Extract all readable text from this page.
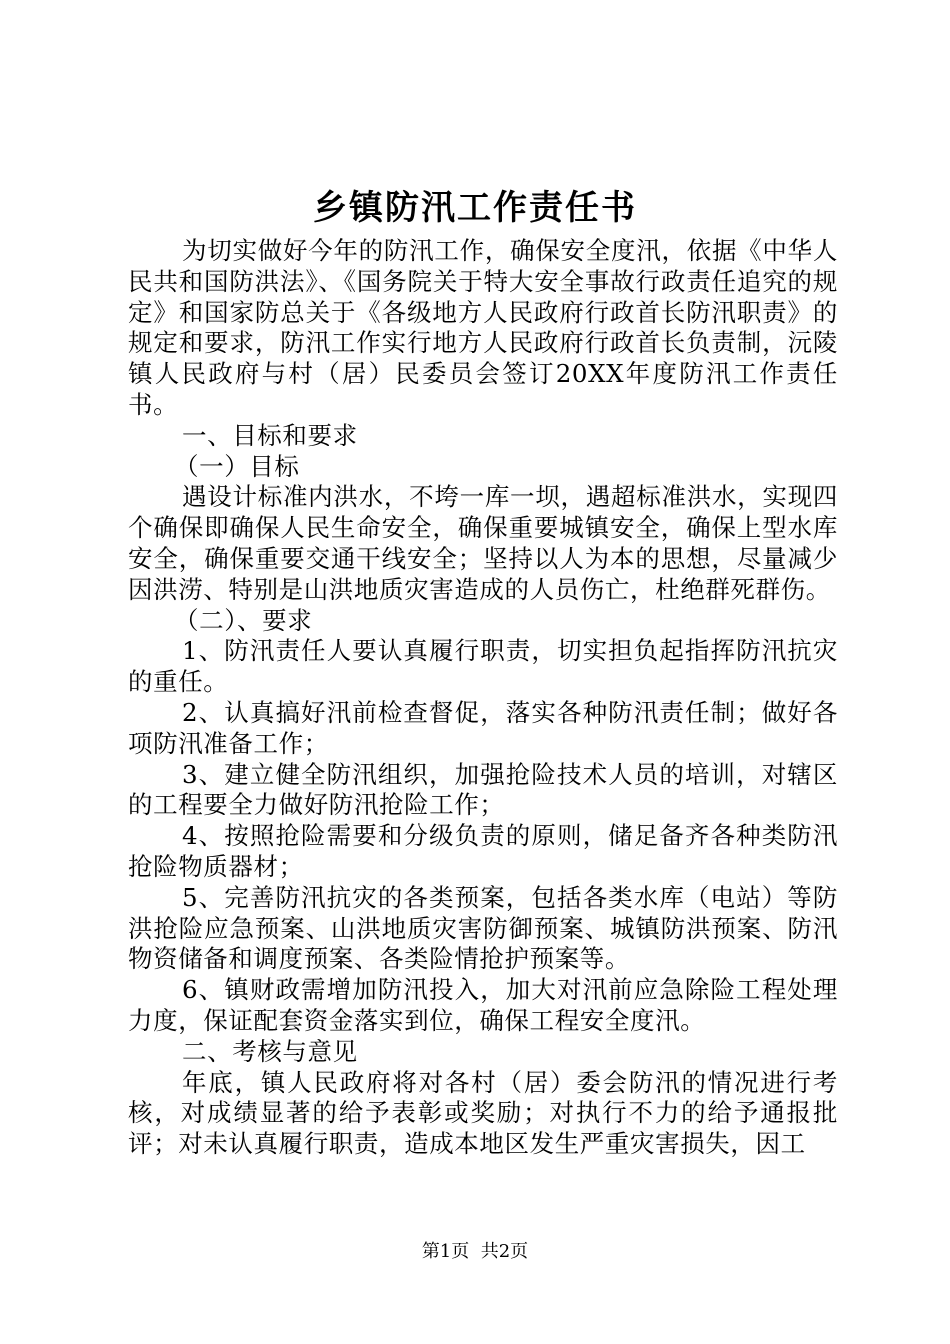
乡镇防汛工作责任书

为切实做好今年的防汛工作，确保安全度汛，依据《中华人民共和国防洪法》、《国务院关于特大安全事故行政责任追究的规定》和国家防总关于《各级地方人民政府行政首长防汛职责》的规定和要求，防汛工作实行地方人民政府行政首长负责制，沅陵镇人民政府与村（居）民委员会签订20XX年度防汛工作责任书。

一、目标和要求

（一）目标

遇设计标准内洪水，不垮一库一坝，遇超标准洪水，实现四个确保即确保人民生命安全，确保重要城镇安全，确保上型水库安全，确保重要交通干线安全；坚持以人为本的思想，尽量减少因洪涝、特别是山洪地质灾害造成的人员伤亡，杜绝群死群伤。

（二）、要求

1、防汛责任人要认真履行职责，切实担负起指挥防汛抗灾的重任。

2、认真搞好汛前检查督促，落实各种防汛责任制；做好各项防汛准备工作；

3、建立健全防汛组织，加强抢险技术人员的培训，对辖区的工程要全力做好防汛抢险工作；

4、按照抢险需要和分级负责的原则，储足备齐各种类防汛抢险物质器材；

5、完善防汛抗灾的各类预案，包括各类水库（电站）等防洪抢险应急预案、山洪地质灾害防御预案、城镇防洪预案、防汛物资储备和调度预案、各类险情抢护预案等。

6、镇财政需增加防汛投入，加大对汛前应急除险工程处理力度，保证配套资金落实到位，确保工程安全度汛。

二、考核与意见

年底，镇人民政府将对各村（居）委会防汛的情况进行考核，对成绩显著的给予表彰或奖励；对执行不力的给予通报批评；对未认真履行职责，造成本地区发生严重灾害损失，因工

第1页  共2页
